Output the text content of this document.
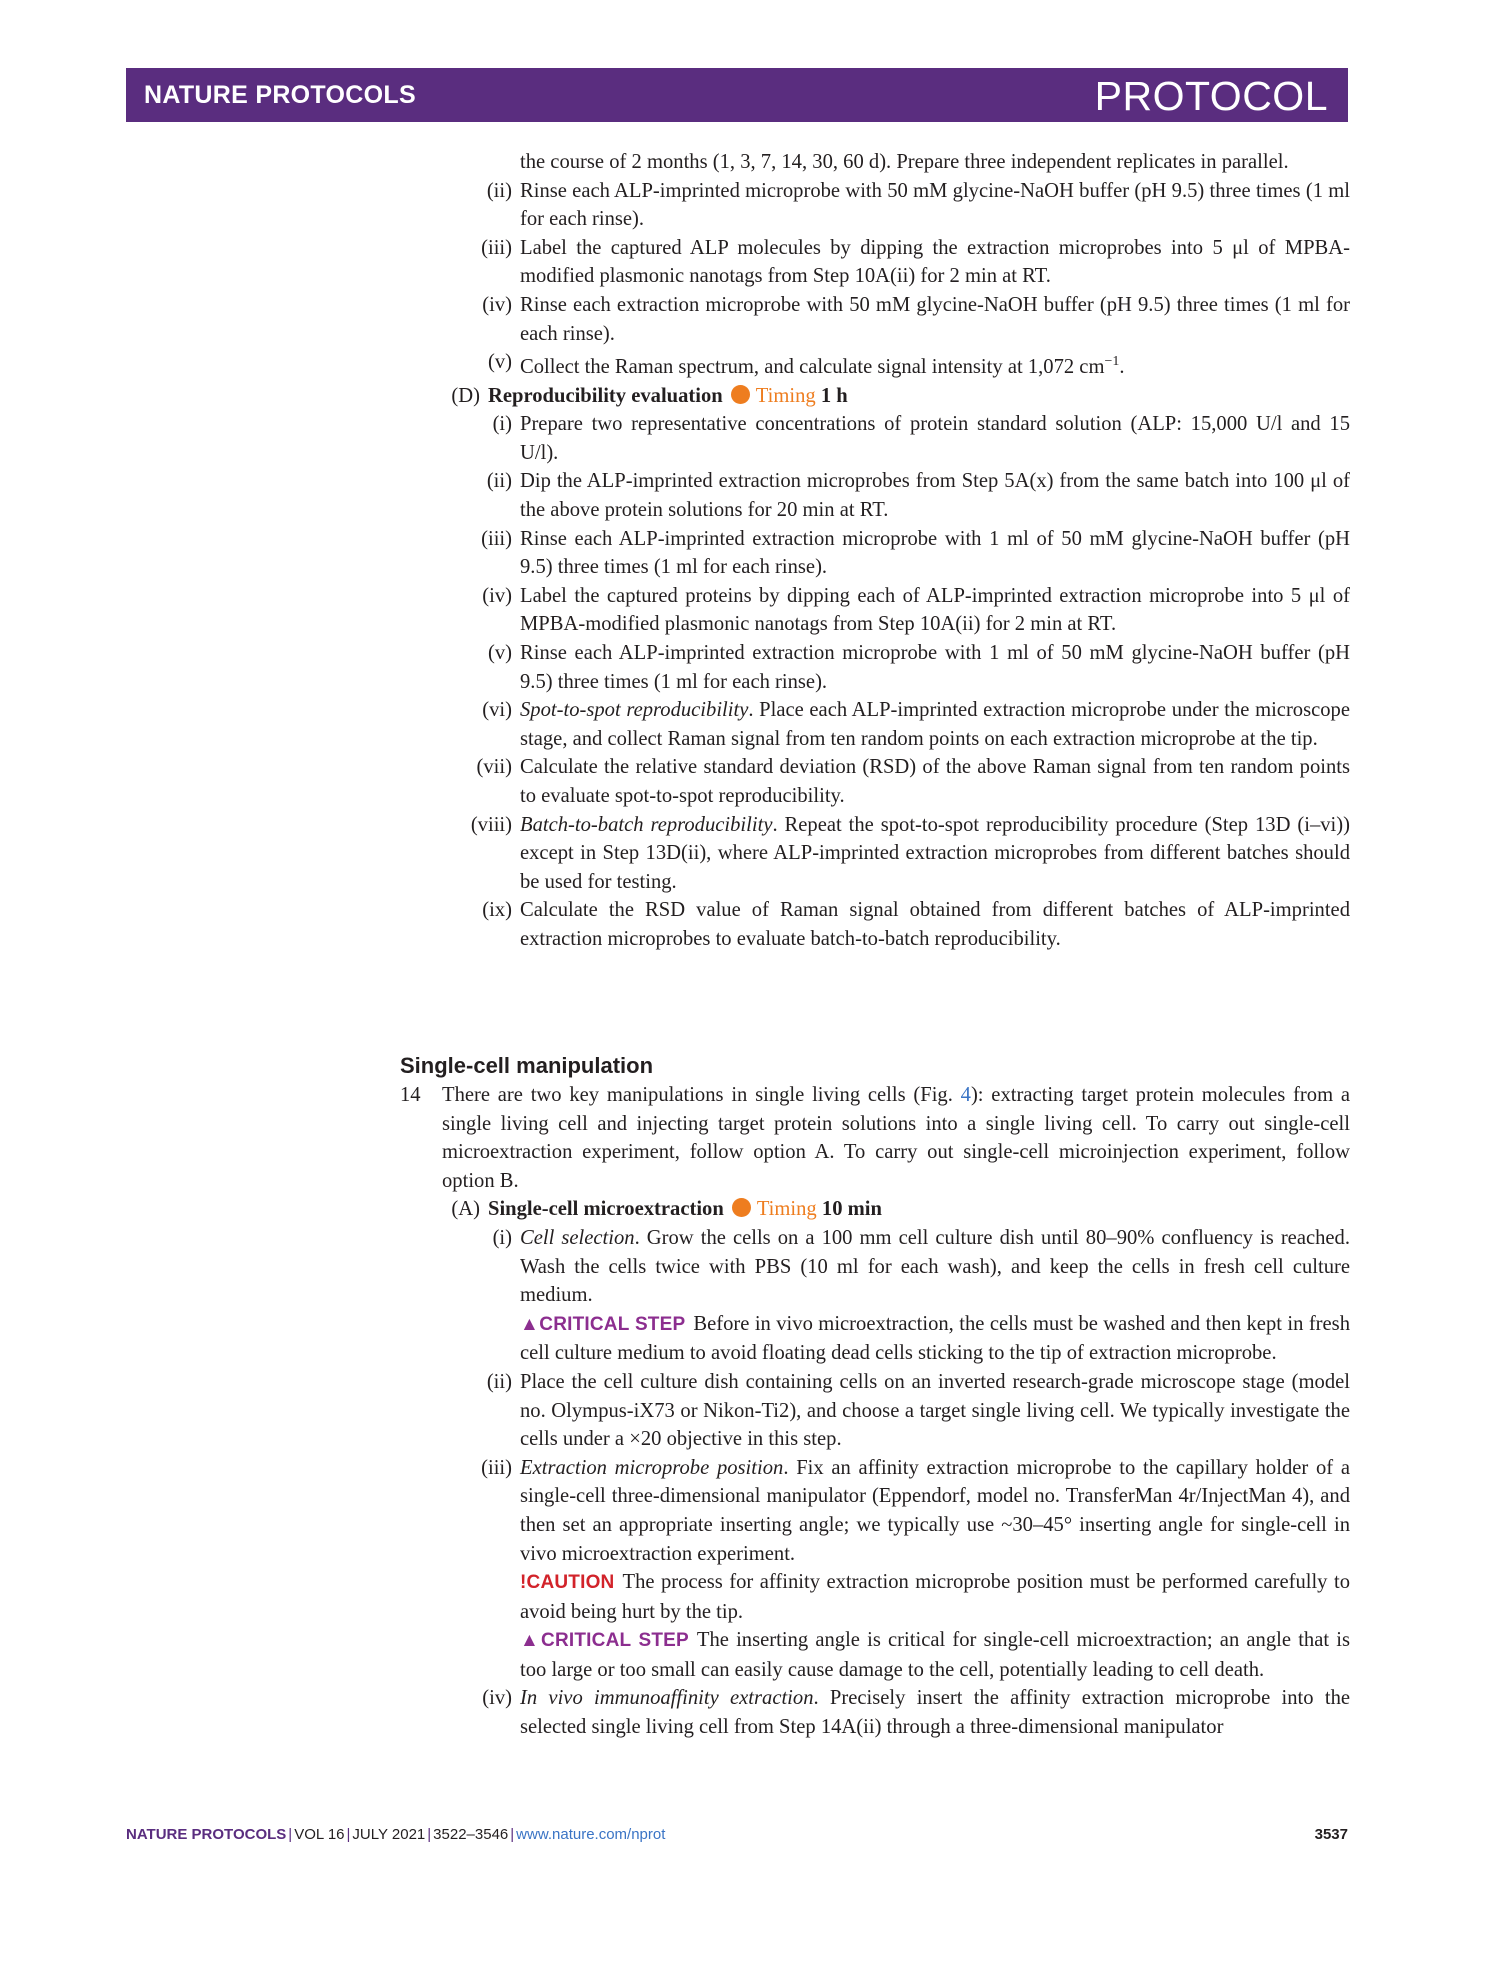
NATURE PROTOCOLS	PROTOCOL
the course of 2 months (1, 3, 7, 14, 30, 60 d). Prepare three independent replicates in parallel.
(ii) Rinse each ALP-imprinted microprobe with 50 mM glycine-NaOH buffer (pH 9.5) three times (1 ml for each rinse).
(iii) Label the captured ALP molecules by dipping the extraction microprobes into 5 μl of MPBA-modified plasmonic nanotags from Step 10A(ii) for 2 min at RT.
(iv) Rinse each extraction microprobe with 50 mM glycine-NaOH buffer (pH 9.5) three times (1 ml for each rinse).
(v) Collect the Raman spectrum, and calculate signal intensity at 1,072 $cm^{-1}$.
(D) Reproducibility evaluation Timing 1 h
(i) Prepare two representative concentrations of protein standard solution (ALP: 15,000 U/l and 15 U/l).
(ii) Dip the ALP-imprinted extraction microprobes from Step 5A(x) from the same batch into 100 μl of the above protein solutions for 20 min at RT.
(iii) Rinse each ALP-imprinted extraction microprobe with 1 ml of 50 mM glycine-NaOH buffer (pH 9.5) three times (1 ml for each rinse).
(iv) Label the captured proteins by dipping each of ALP-imprinted extraction microprobe into 5 μl of MPBA-modified plasmonic nanotags from Step 10A(ii) for 2 min at RT.
(v) Rinse each ALP-imprinted extraction microprobe with 1 ml of 50 mM glycine-NaOH buffer (pH 9.5) three times (1 ml for each rinse).
(vi) Spot-to-spot reproducibility. Place each ALP-imprinted extraction microprobe under the microscope stage, and collect Raman signal from ten random points on each extraction microprobe at the tip.
(vii) Calculate the relative standard deviation (RSD) of the above Raman signal from ten random points to evaluate spot-to-spot reproducibility.
(viii) Batch-to-batch reproducibility. Repeat the spot-to-spot reproducibility procedure (Step 13D (i–vi)) except in Step 13D(ii), where ALP-imprinted extraction microprobes from different batches should be used for testing.
(ix) Calculate the RSD value of Raman signal obtained from different batches of ALP-imprinted extraction microprobes to evaluate batch-to-batch reproducibility.
Single-cell manipulation
14 There are two key manipulations in single living cells (Fig. 4): extracting target protein molecules from a single living cell and injecting target protein solutions into a single living cell. To carry out single-cell microextraction experiment, follow option A. To carry out single-cell microinjection experiment, follow option B.
(A) Single-cell microextraction Timing 10 min
(i) Cell selection. Grow the cells on a 100 mm cell culture dish until 80–90% confluency is reached. Wash the cells twice with PBS (10 ml for each wash), and keep the cells in fresh cell culture medium.
▲CRITICAL STEP Before in vivo microextraction, the cells must be washed and then kept in fresh cell culture medium to avoid floating dead cells sticking to the tip of extraction microprobe.
(ii) Place the cell culture dish containing cells on an inverted research-grade microscope stage (model no. Olympus-iX73 or Nikon-Ti2), and choose a target single living cell. We typically investigate the cells under a ×20 objective in this step.
(iii) Extraction microprobe position. Fix an affinity extraction microprobe to the capillary holder of a single-cell three-dimensional manipulator (Eppendorf, model no. TransferMan 4r/InjectMan 4), and then set an appropriate inserting angle; we typically use ~30–45° inserting angle for single-cell in vivo microextraction experiment.
!CAUTION The process for affinity extraction microprobe position must be performed carefully to avoid being hurt by the tip.
▲CRITICAL STEP The inserting angle is critical for single-cell microextraction; an angle that is too large or too small can easily cause damage to the cell, potentially leading to cell death.
(iv) In vivo immunoaffinity extraction. Precisely insert the affinity extraction microprobe into the selected single living cell from Step 14A(ii) through a three-dimensional manipulator
NATURE PROTOCOLS | VOL 16 | JULY 2021 | 3522–3546 | www.nature.com/nprot	3537
